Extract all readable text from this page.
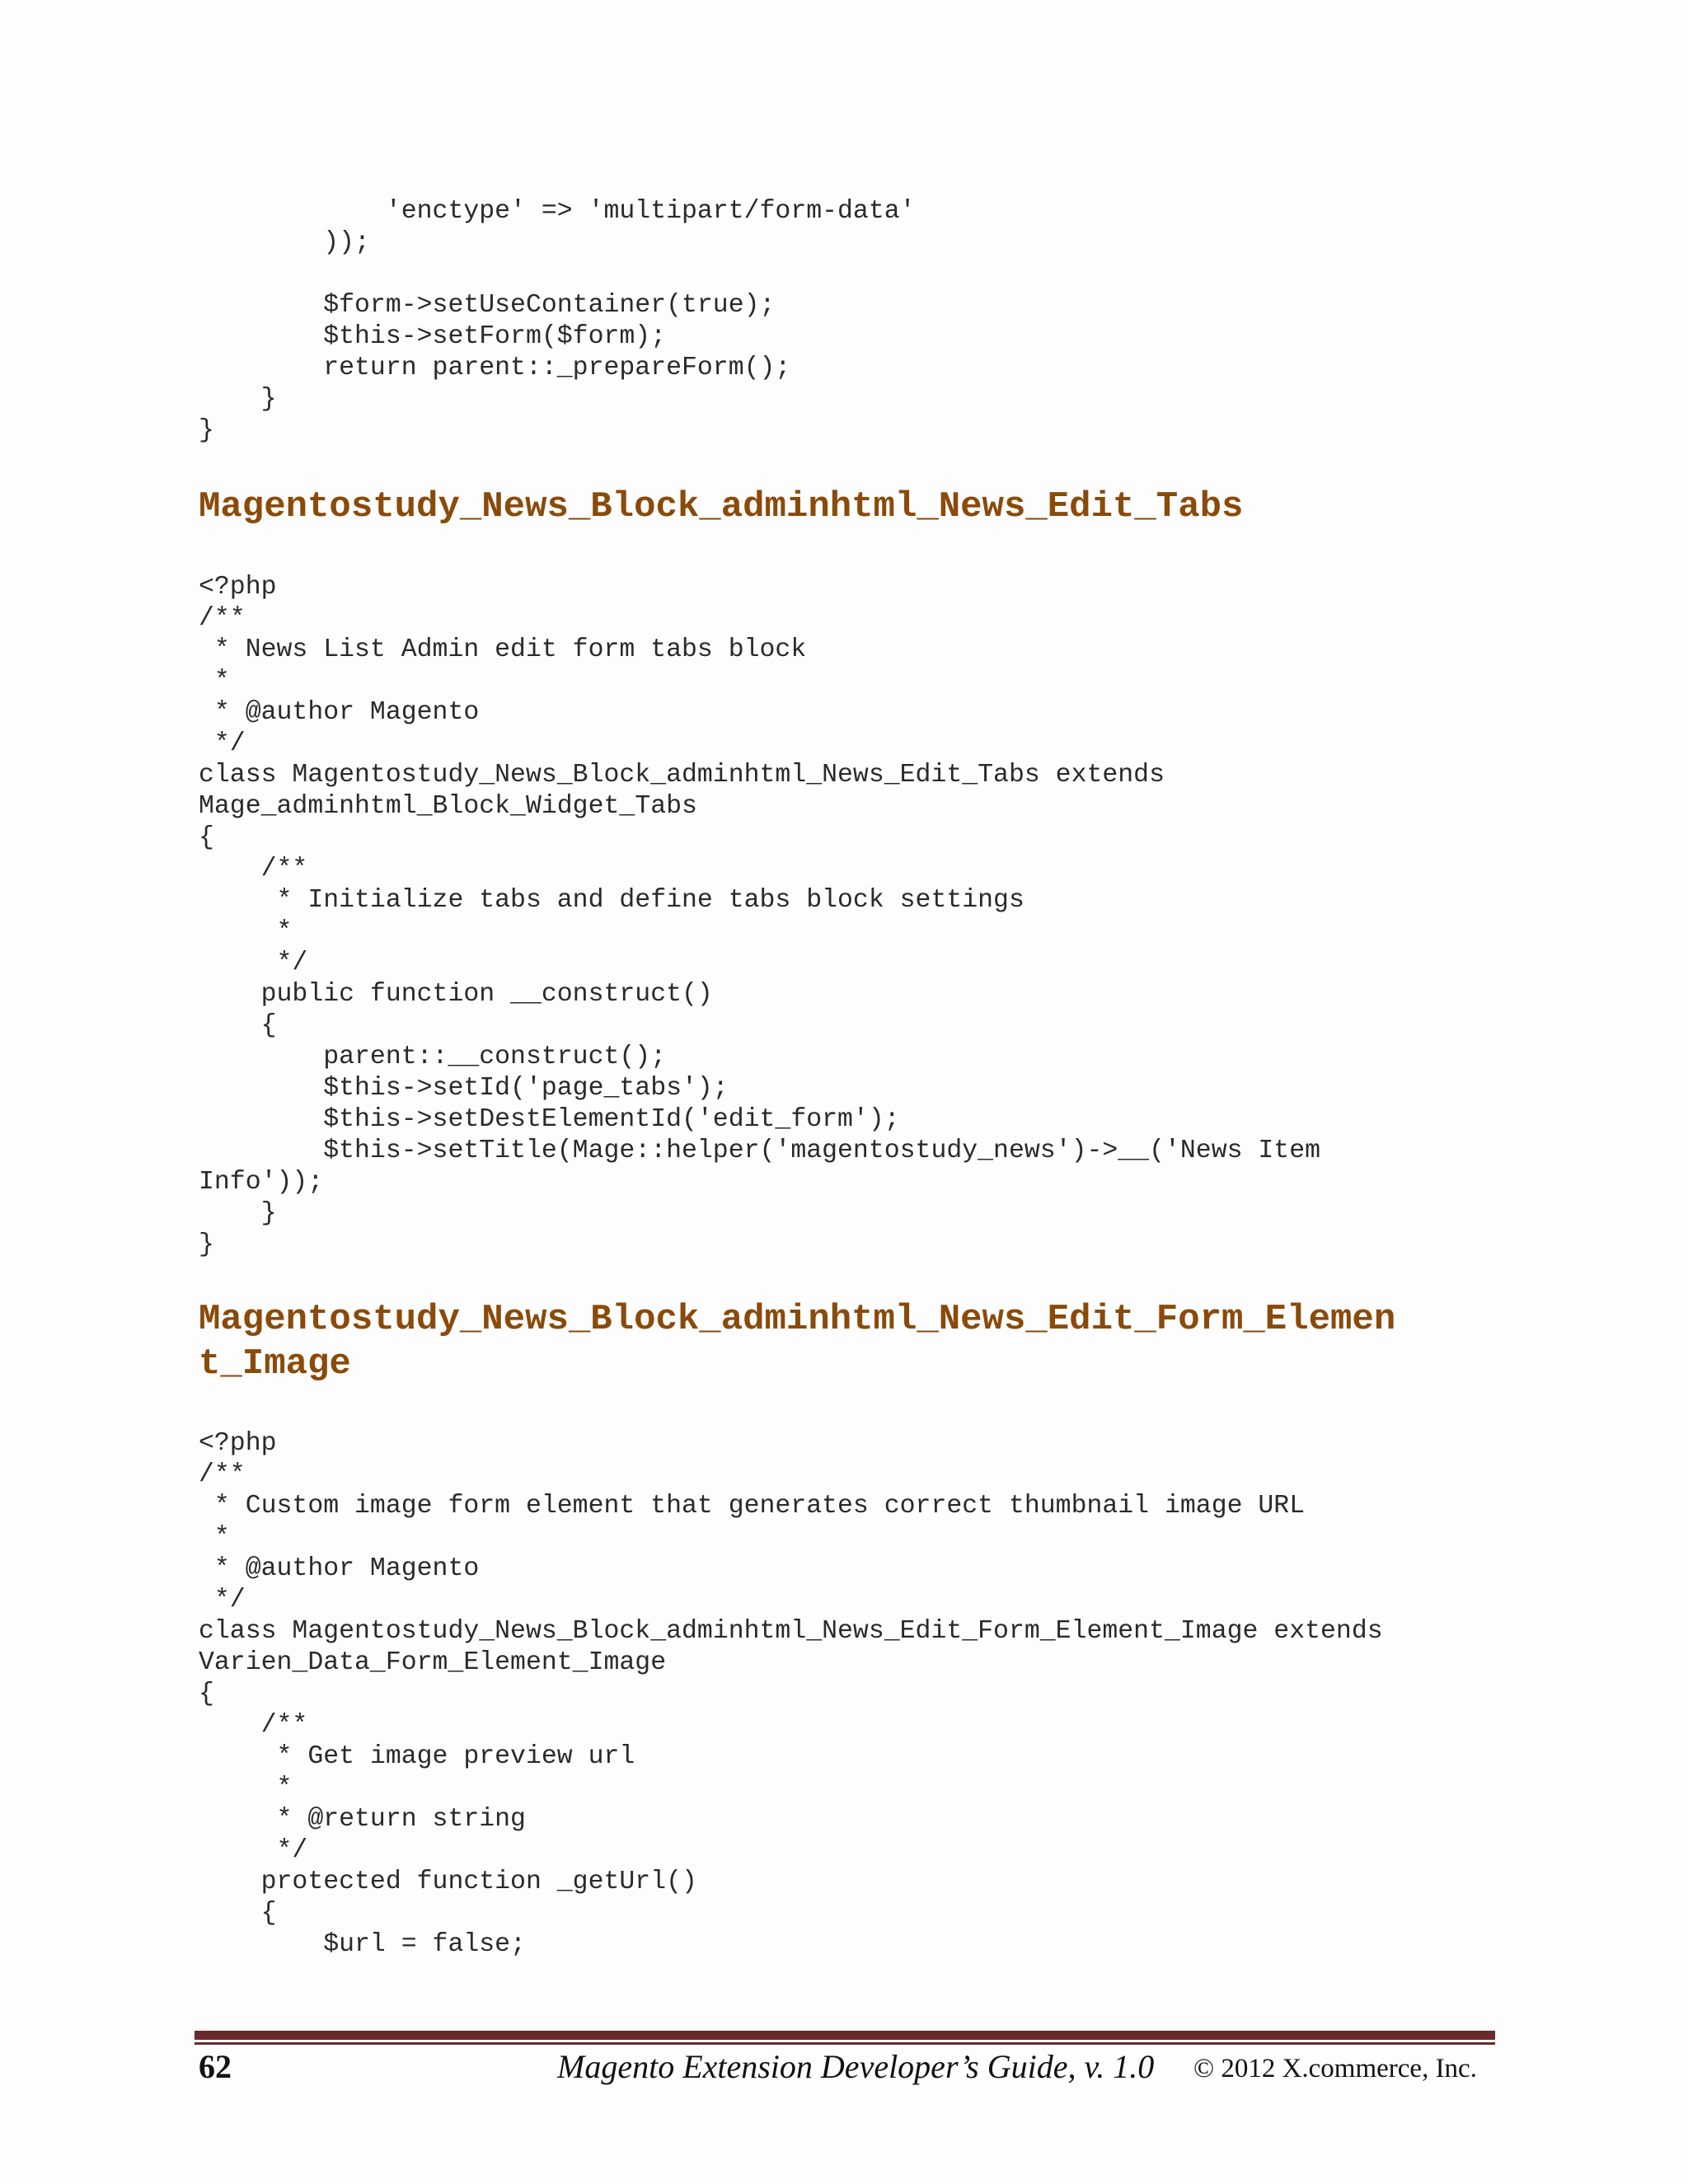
'enctype' => 'multipart/form-data'
));

$form->setUseContainer(true);
$this->setForm($form);
return parent::_prepareForm();
}
}
Magentostudy_News_Block_adminhtml_News_Edit_Tabs
<?php
/**
* News List Admin edit form tabs block
*
* @author Magento
*/
class Magentostudy_News_Block_adminhtml_News_Edit_Tabs extends
Mage_adminhtml_Block_Widget_Tabs
{
/**
* Initialize tabs and define tabs block settings
*
*/
public function __construct()
{
parent::__construct();
$this->setId('page_tabs');
$this->setDestElementId('edit_form');
$this->setTitle(Mage::helper('magentostudy_news')->__('News Item
Info'));
}
}
Magentostudy_News_Block_adminhtml_News_Edit_Form_Elemen
t_Image
<?php
/**
* Custom image form element that generates correct thumbnail image URL
*
* @author Magento
*/
class Magentostudy_News_Block_adminhtml_News_Edit_Form_Element_Image extends
Varien_Data_Form_Element_Image
{
/**
* Get image preview url
*
* @return string
*/
protected function _getUrl()
{
$url = false;
62	Magento Extension Developer’s Guide, v. 1.0 © 2012 X.commerce, Inc.
